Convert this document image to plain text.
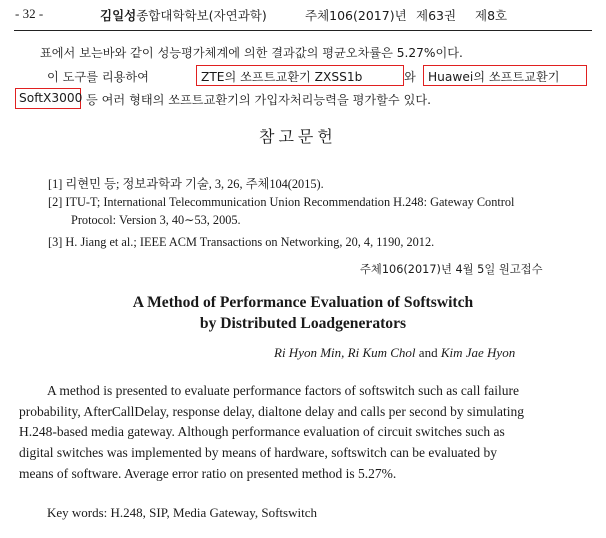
- 32 -	김일성종합대학학보(자연과학)	주체106(2017)년 제63권 제8호
표에서 보는바와 같이 성능평가체계에 의한 결과값의 평균오차률은 5.27%이다.
이 도구를 리용하여	ZTE의 쏘프트교환기 ZXSS1b	와 Huawei의 쏘프트교환기
SoftX3000 등 여러 형태의 쏘프트교환기의 가입자처리능력을 평가할수 있다.
참고문헌
[1] 리현민 등; 정보과학과 기술, 3, 26, 주체104(2015).
[2] ITU-T; International Telecommunication Union Recommendation H.248: Gateway Control
Protocol: Version 3, 40∼53, 2005.
[3] H. Jiang et al.; IEEE ACM Transactions on Networking, 20, 4, 1190, 2012.
주체106(2017)년 4월 5일 원고접수
A Method of Performance Evaluation of Softswitch
by Distributed Loadgenerators
Ri Hyon Min, Ri Kum Chol and Kim Jae Hyon
A method is presented to evaluate performance factors of softswitch such as call failure
probability, AfterCallDelay, response delay, dialtone delay and calls per second by simulating
H.248-based media gateway. Although performance evaluation of circuit switches such as
digital switches was implemented by means of hardware, softswitch can be evaluated by
means of software. Average error ratio on presented method is 5.27%.
Key words: H.248, SIP, Media Gateway, Softswitch
